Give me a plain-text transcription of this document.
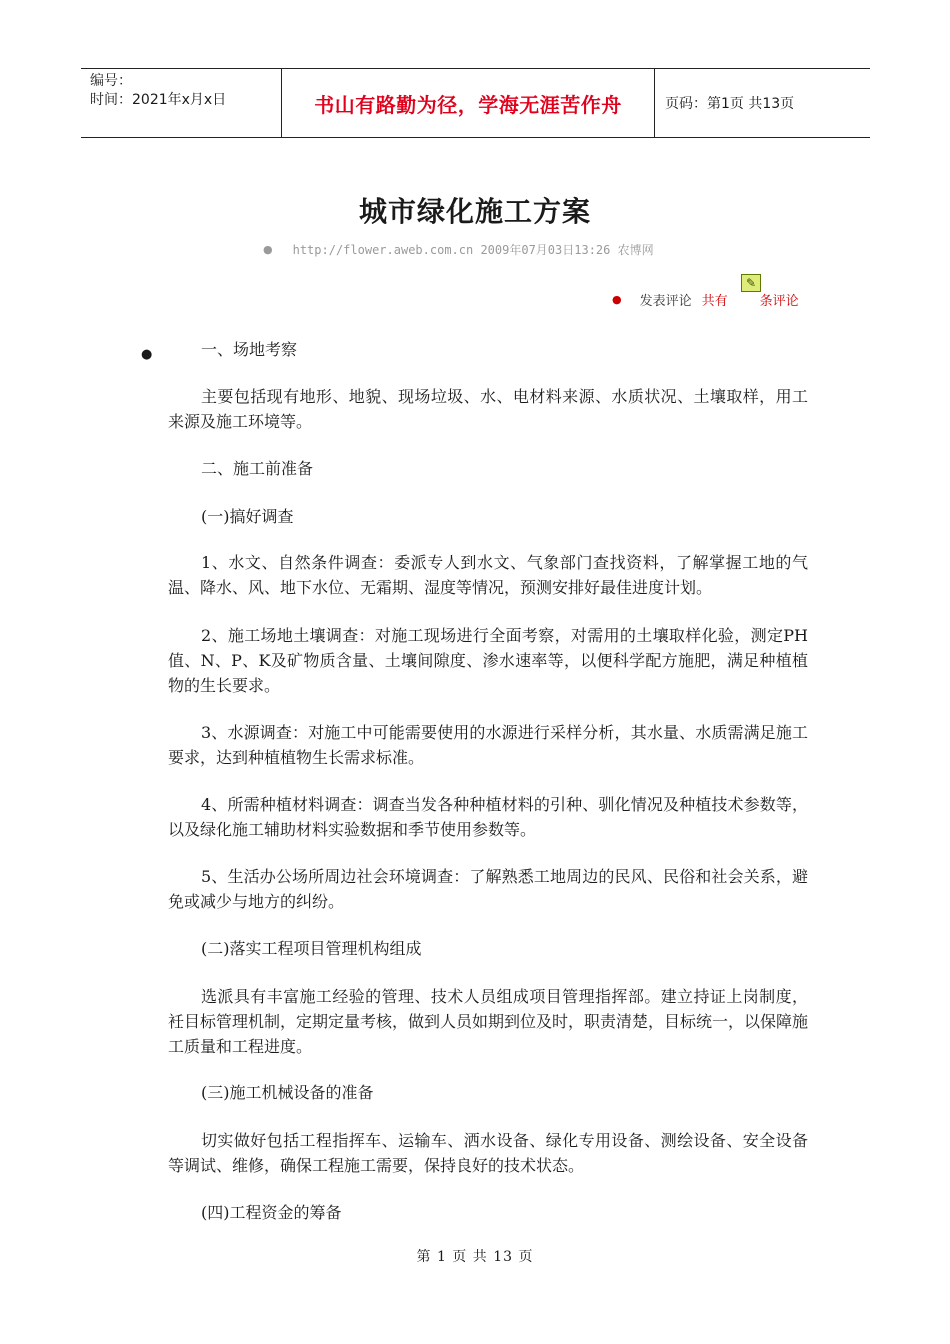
编号：
时间：2021年x月x日	书山有路勤为径，学海无涯苦作舟	页码：第1页 共13页
城市绿化施工方案
● http://flower.aweb.com.cn 2009年07月03日13:26 农博网
✎
● 发表评论 共有 条评论
●	一、场地考察

主要包括现有地形、地貌、现场垃圾、水、电材料来源、水质状况、土壤取样，用工来源及施工环境等。

二、施工前准备

(一)搞好调查

1、水文、自然条件调查：委派专人到水文、气象部门查找资料，了解掌握工地的气温、降水、风、地下水位、无霜期、湿度等情况，预测安排好最佳进度计划。

2、施工场地土壤调查：对施工现场进行全面考察，对需用的土壤取样化验，测定PH值、N、P、K及矿物质含量、土壤间隙度、渗水速率等，以便科学配方施肥，满足种植植物的生长要求。

3、水源调查：对施工中可能需要使用的水源进行采样分析，其水量、水质需满足施工要求，达到种植植物生长需求标准。

4、所需种植材料调查：调查当发各种种植材料的引种、驯化情况及种植技术参数等，以及绿化施工辅助材料实验数据和季节使用参数等。

5、生活办公场所周边社会环境调查：了解熟悉工地周边的民风、民俗和社会关系，避免或减少与地方的纠纷。

(二)落实工程项目管理机构组成

选派具有丰富施工经验的管理、技术人员组成项目管理指挥部。建立持证上岗制度，衽目标管理机制，定期定量考核，做到人员如期到位及时，职责清楚，目标统一，以保障施工质量和工程进度。

(三)施工机械设备的准备

切实做好包括工程指挥车、运输车、洒水设备、绿化专用设备、测绘设备、安全设备等调试、维修，确保工程施工需要，保持良好的技术状态。

(四)工程资金的筹备

第 1 页 共 13 页
